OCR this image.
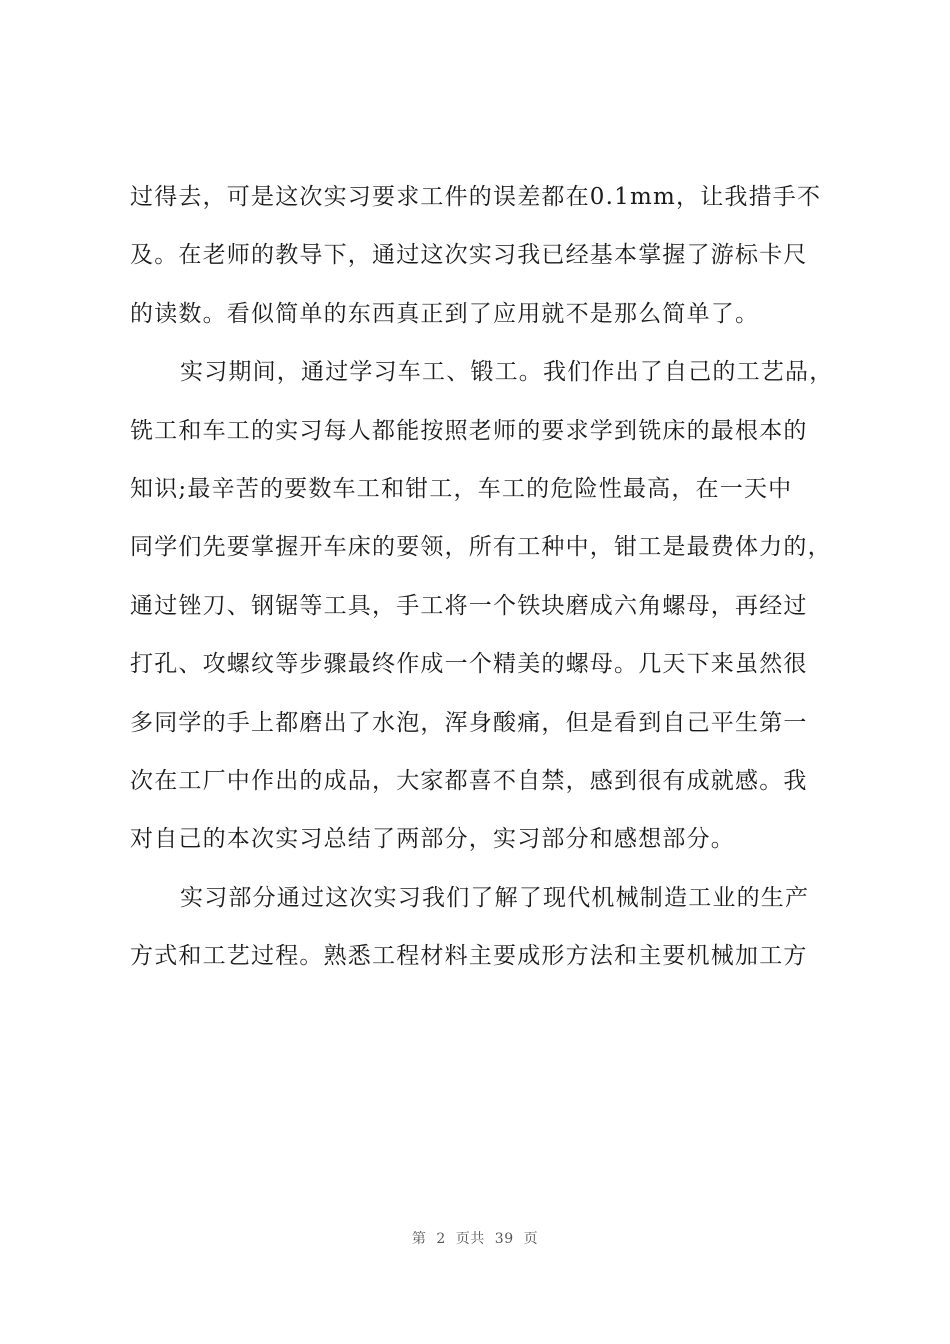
过得去，可是这次实习要求工件的误差都在0.1mm，让我措手不
及。在老师的教导下，通过这次实习我已经基本掌握了游标卡尺
的读数。看似简单的东西真正到了应用就不是那么简单了。
实习期间，通过学习车工、锻工。我们作出了自己的工艺品，
铣工和车工的实习每人都能按照老师的要求学到铣床的最根本的
知识;最辛苦的要数车工和钳工，车工的危险性最高，在一天中
同学们先要掌握开车床的要领，所有工种中，钳工是最费体力的，
通过锉刀、钢锯等工具，手工将一个铁块磨成六角螺母，再经过
打孔、攻螺纹等步骤最终作成一个精美的螺母。几天下来虽然很
多同学的手上都磨出了水泡，浑身酸痛，但是看到自己平生第一
次在工厂中作出的成品，大家都喜不自禁，感到很有成就感。我
对自己的本次实习总结了两部分，实习部分和感想部分。
实习部分通过这次实习我们了解了现代机械制造工业的生产
方式和工艺过程。熟悉工程材料主要成形方法和主要机械加工方
第 2 页共 39 页
